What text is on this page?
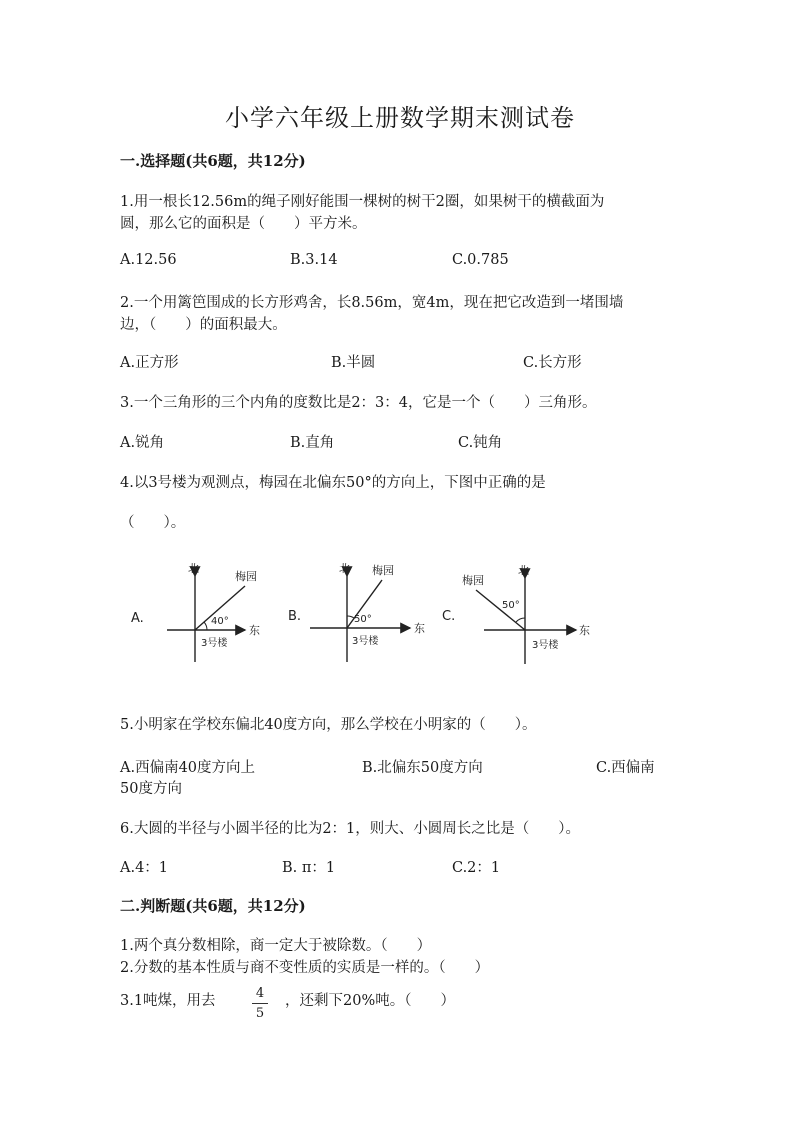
小学六年级上册数学期末测试卷
一.选择题(共6题，共12分)
1.用一根长12.56m的绳子刚好能围一棵树的树干2圈，如果树干的横截面为
圆，那么它的面积是（　　）平方米。
A.12.56	B.3.14	C.0.785
2.一个用篱笆围成的长方形鸡舍，长8.56m，宽4m，现在把它改造到一堵围墙
边，（　　）的面积最大。
A.正方形	B.半圆	C.长方形
3.一个三角形的三个内角的度数比是2：3：4，它是一个（　　）三角形。
A.锐角	B.直角	C.钝角
4.以3号楼为观测点，梅园在北偏东50°的方向上，下图中正确的是
（　　）。
A.
北
梅园
40°
东
3号楼
B.
北 梅园
50°
东
3号楼
C.
北
梅园
50°
东
3号楼
5.小明家在学校东偏北40度方向，那么学校在小明家的（　　）。
A.西偏南40度方向上	B.北偏东50度方向	C.西偏南
50度方向
6.大圆的半径与小圆半径的比为2：1，则大、小圆周长之比是（　　）。
A.4：1	B. π：1	C.2：1
二.判断题(共6题，共12分)
1.两个真分数相除，商一定大于被除数。（　　）
2.分数的基本性质与商不变性质的实质是一样的。（　　）
3.1吨煤，用去	4
5
，还剩下20%吨。（　　）
